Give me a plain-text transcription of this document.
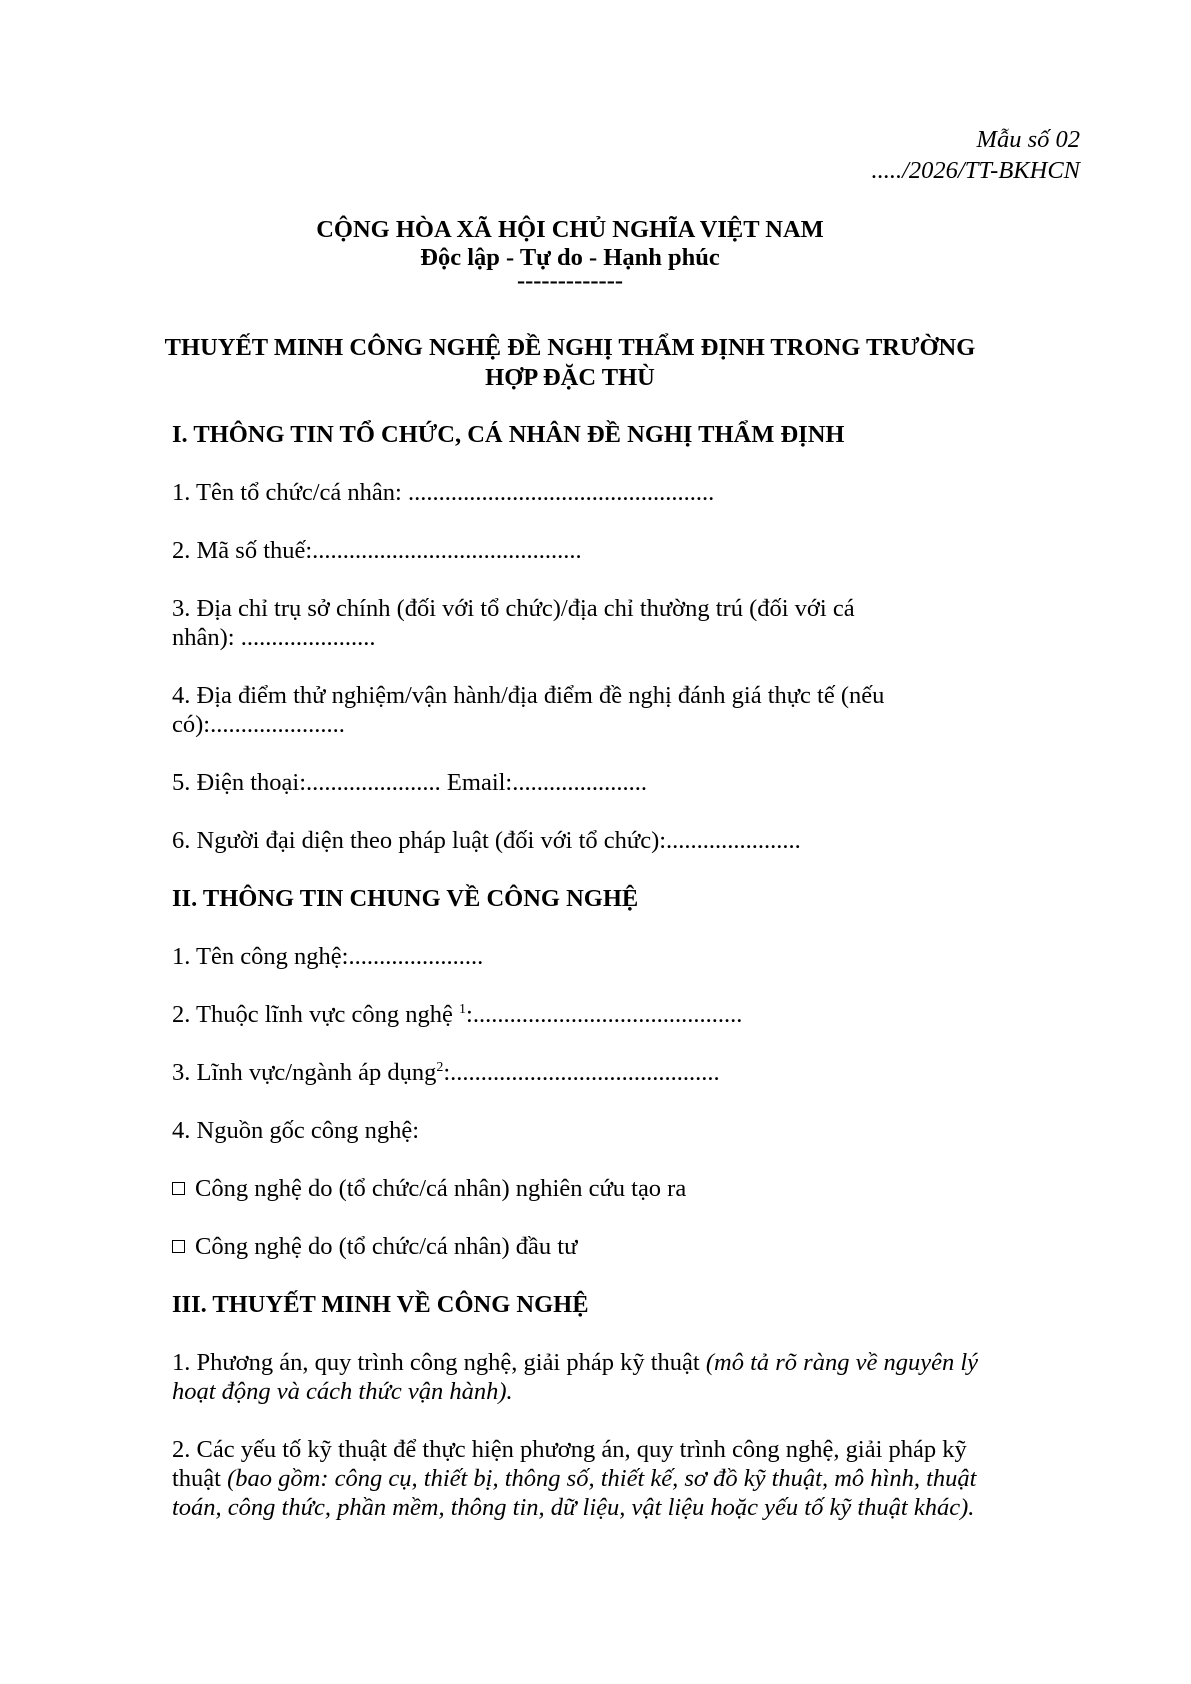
Mẫu số 02
...../2026/TT-BKHCN
CỘNG HÒA XÃ HỘI CHỦ NGHĨA VIỆT NAM
Độc lập - Tự do - Hạnh phúc
-------------
THUYẾT MINH CÔNG NGHỆ ĐỀ NGHỊ THẨM ĐỊNH TRONG TRƯỜNG
HỢP ĐẶC THÙ
I. THÔNG TIN TỔ CHỨC, CÁ NHÂN ĐỀ NGHỊ THẨM ĐỊNH
1. Tên tổ chức/cá nhân: ..................................................
2. Mã số thuế:............................................
3. Địa chỉ trụ sở chính (đối với tổ chức)/địa chỉ thường trú (đối với cá
nhân): ......................
4. Địa điểm thử nghiệm/vận hành/địa điểm đề nghị đánh giá thực tế (nếu
có):......................
5. Điện thoại:...................... Email:......................
6. Người đại diện theo pháp luật (đối với tổ chức):......................
II. THÔNG TIN CHUNG VỀ CÔNG NGHỆ
1. Tên công nghệ:......................
2. Thuộc lĩnh vực công nghệ $^1$:............................................
3. Lĩnh vực/ngành áp dụng$^2$:............................................
4. Nguồn gốc công nghệ:
Công nghệ do (tổ chức/cá nhân) nghiên cứu tạo ra
Công nghệ do (tổ chức/cá nhân) đầu tư
III. THUYẾT MINH VỀ CÔNG NGHỆ
1. Phương án, quy trình công nghệ, giải pháp kỹ thuật (mô tả rõ ràng về nguyên lý
hoạt động và cách thức vận hành).
2. Các yếu tố kỹ thuật để thực hiện phương án, quy trình công nghệ, giải pháp kỹ
thuật (bao gồm: công cụ, thiết bị, thông số, thiết kế, sơ đồ kỹ thuật, mô hình, thuật
toán, công thức, phần mềm, thông tin, dữ liệu, vật liệu hoặc yếu tố kỹ thuật khác).
